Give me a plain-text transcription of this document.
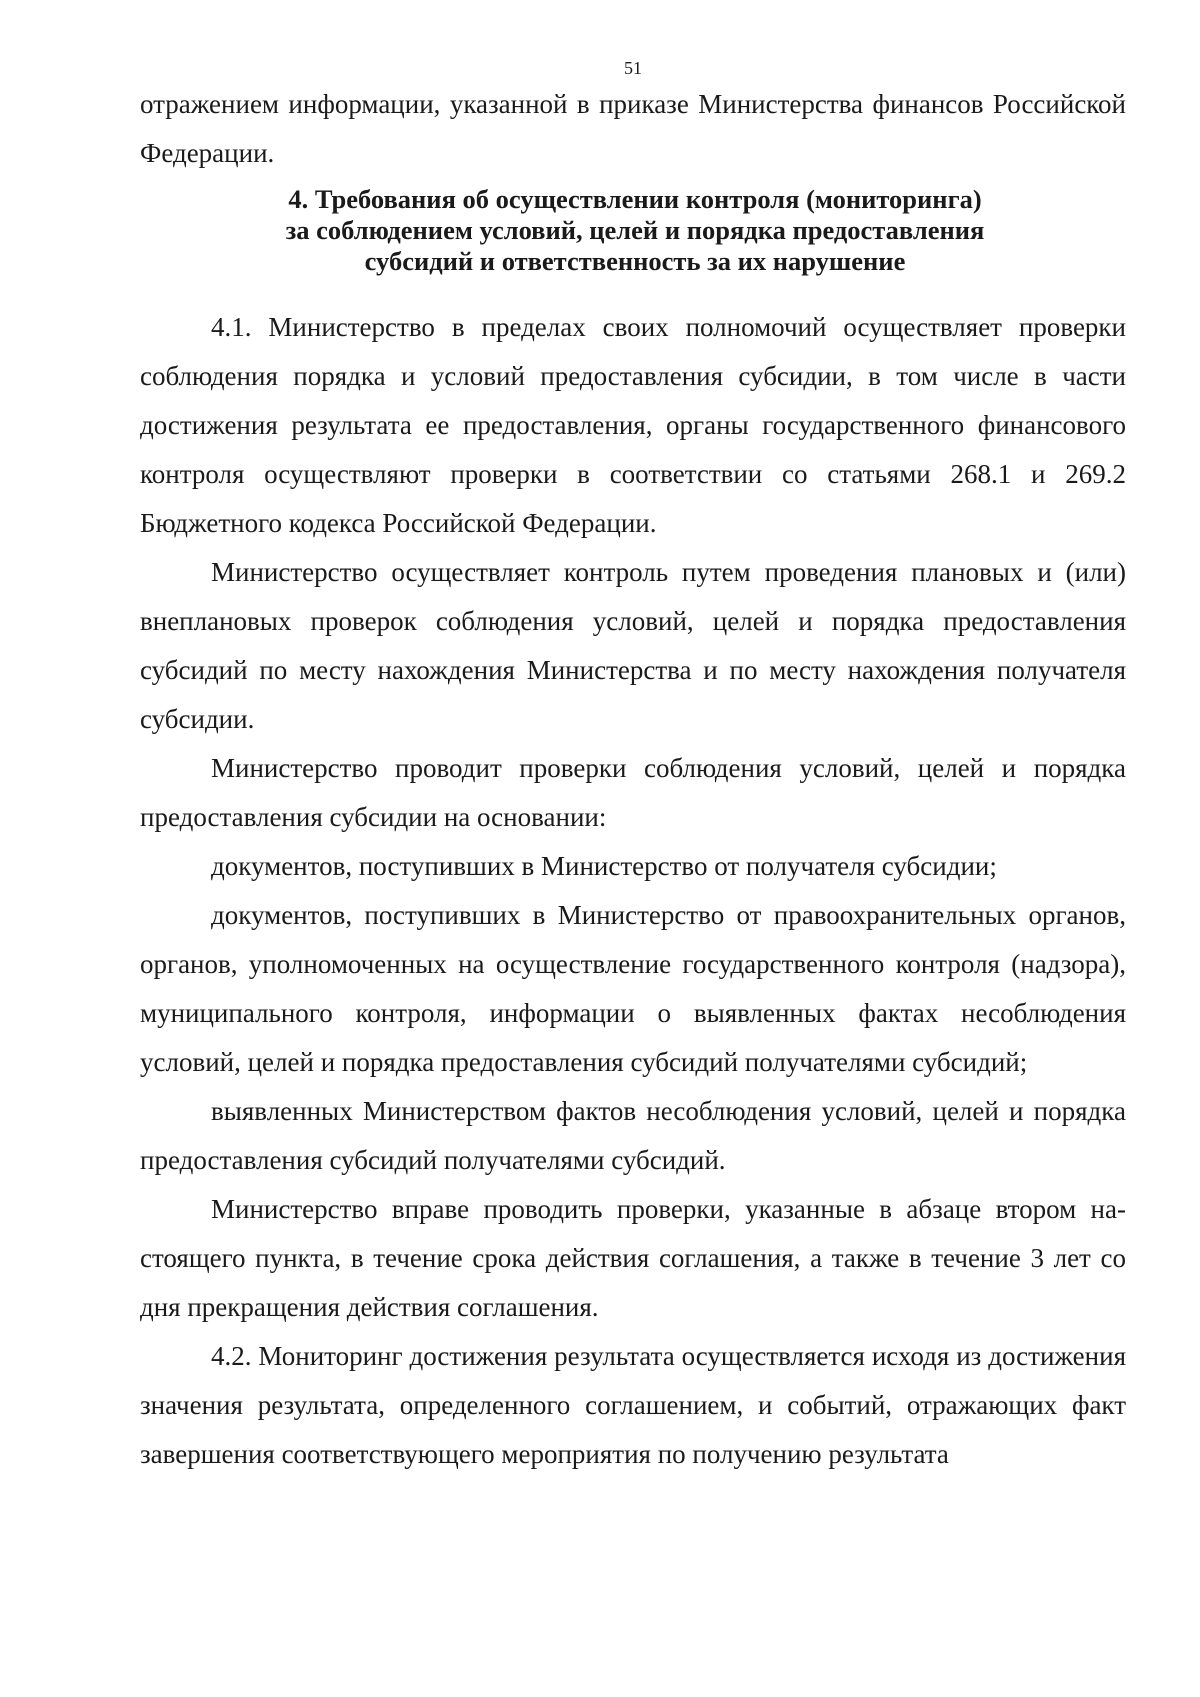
51

отражением информации, указанной в приказе Министерства финансов Российской Федерации.

4. Требования об осуществлении контроля (мониторинга)
за соблюдением условий, целей и порядка предоставления
субсидий и ответственность за их нарушение

4.1. Министерство в пределах своих полномочий осуществляет проверки соблюдения порядка и условий предоставления субсидии, в том числе в части достижения результата ее предоставления, органы государственного финансового контроля осуществляют проверки в соответствии со статьями 268.1 и 269.2 Бюджетного кодекса Российской Федерации.

Министерство осуществляет контроль путем проведения плановых и (или) внеплановых проверок соблюдения условий, целей и порядка предоставления субсидий по месту нахождения Министерства и по месту нахождения получателя субсидии.

Министерство проводит проверки соблюдения условий, целей и порядка предоставления субсидии на основании:

документов, поступивших в Министерство от получателя субсидии;

документов, поступивших в Министерство от правоохранительных органов, органов, уполномоченных на осуществление государственного контроля (надзора), муниципального контроля, информации о выявленных фактах несоблюдения условий, целей и порядка предоставления субсидий получателями субсидий;

выявленных Министерством фактов несоблюдения условий, целей и порядка предоставления субсидий получателями субсидий.

Министерство вправе проводить проверки, указанные в абзаце втором настоящего пункта, в течение срока действия соглашения, а также в течение 3 лет со дня прекращения действия соглашения.

4.2. Мониторинг достижения результата осуществляется исходя из достижения значения результата, определенного соглашением, и событий, отражающих факт завершения соответствующего мероприятия по получению результата
